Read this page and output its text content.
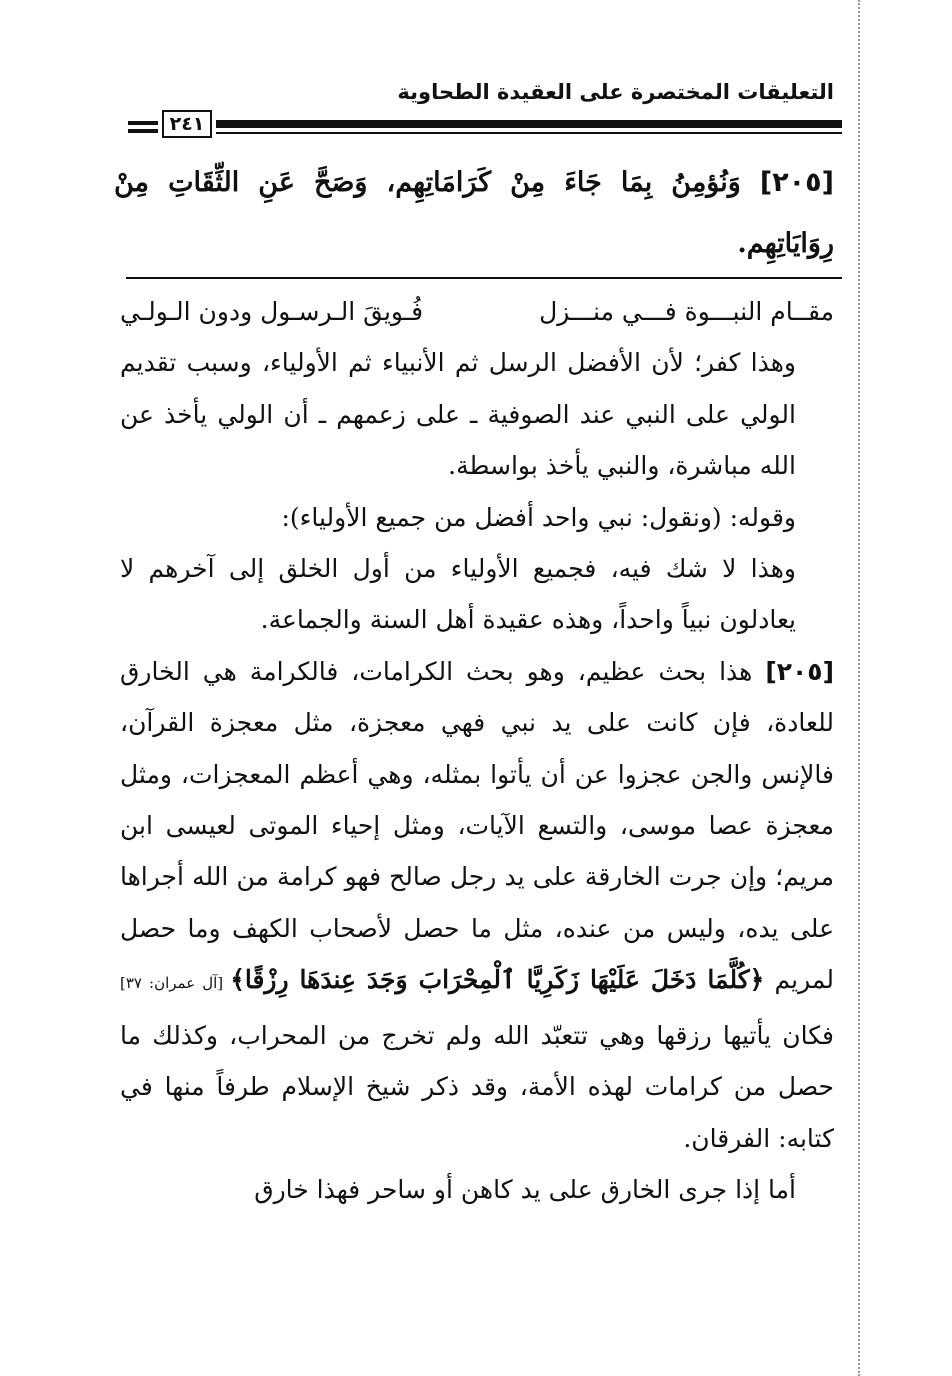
التعليقات المختصرة على العقيدة الطحاوية
٢٤١

[٢٠٥] وَنُؤمِنُ بِمَا جَاءَ مِنْ كَرَامَاتِهِم، وَصَحَّ عَنِ الثِّقَاتِ مِنْ رِوَايَاتِهِم.

مقــام النبـــوة فـــي منـــزل
فُـويقَ الـرسـول ودون الـولـي

وهذا كفر؛ لأن الأفضل الرسل ثم الأنبياء ثم الأولياء، وسبب تقديم الولي على النبي عند الصوفية ـ على زعمهم ـ أن الولي يأخذ عن الله مباشرة، والنبي يأخذ بواسطة.

وقوله: (ونقول: نبي واحد أفضل من جميع الأولياء):

وهذا لا شك فيه، فجميع الأولياء من أول الخلق إلى آخرهم لا يعادلون نبياً واحداً، وهذه عقيدة أهل السنة والجماعة.

[٢٠٥] هذا بحث عظيم، وهو بحث الكرامات، فالكرامة هي الخارق للعادة، فإن كانت على يد نبي فهي معجزة، مثل معجزة القرآن، فالإنس والجن عجزوا عن أن يأتوا بمثله، وهي أعظم المعجزات، ومثل معجزة عصا موسى، والتسع الآيات، ومثل إحياء الموتى لعيسى ابن مريم؛ وإن جرت الخارقة على يد رجل صالح فهو كرامة من الله أجراها على يده، وليس من عنده، مثل ما حصل لأصحاب الكهف وما حصل لمريم ﴿كُلَّمَا دَخَلَ عَلَيْهَا زَكَرِيَّا ٱلْمِحْرَابَ وَجَدَ عِندَهَا رِزْقًا﴾ [آل عمران: ٣٧] فكان يأتيها رزقها وهي تتعبّد الله ولم تخرج من المحراب، وكذلك ما حصل من كرامات لهذه الأمة، وقد ذكر شيخ الإسلام طرفاً منها في كتابه: الفرقان.

أما إذا جرى الخارق على يد كاهن أو ساحر فهذا خارق
